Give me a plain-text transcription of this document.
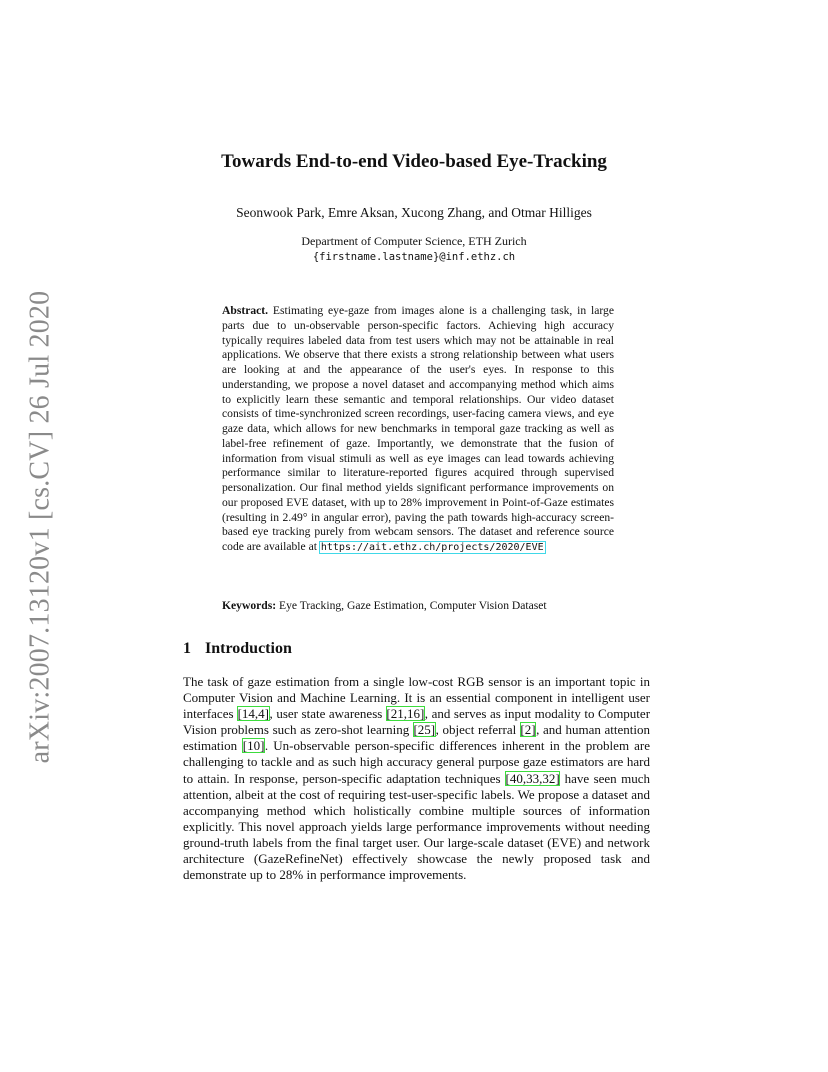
arXiv:2007.13120v1 [cs.CV] 26 Jul 2020
Towards End-to-end Video-based Eye-Tracking
Seonwook Park, Emre Aksan, Xucong Zhang, and Otmar Hilliges
Department of Computer Science, ETH Zurich
{firstname.lastname}@inf.ethz.ch
Abstract. Estimating eye-gaze from images alone is a challenging task, in large parts due to un-observable person-specific factors. Achieving high accuracy typically requires labeled data from test users which may not be attainable in real applications. We observe that there exists a strong relationship between what users are looking at and the appearance of the user's eyes. In response to this understanding, we propose a novel dataset and accompanying method which aims to explicitly learn these semantic and temporal relationships. Our video dataset consists of time-synchronized screen recordings, user-facing camera views, and eye gaze data, which allows for new benchmarks in temporal gaze tracking as well as label-free refinement of gaze. Importantly, we demonstrate that the fusion of information from visual stimuli as well as eye images can lead towards achieving performance similar to literature-reported figures acquired through supervised personalization. Our final method yields significant performance improvements on our proposed EVE dataset, with up to 28% improvement in Point-of-Gaze estimates (resulting in 2.49° in angular error), paving the path towards high-accuracy screen-based eye tracking purely from webcam sensors. The dataset and reference source code are available at https://ait.ethz.ch/projects/2020/EVE
Keywords: Eye Tracking, Gaze Estimation, Computer Vision Dataset
1 Introduction
The task of gaze estimation from a single low-cost RGB sensor is an important topic in Computer Vision and Machine Learning. It is an essential component in intelligent user interfaces [14,4], user state awareness [21,16], and serves as input modality to Computer Vision problems such as zero-shot learning [25], object referral [2], and human attention estimation [10]. Un-observable person-specific differences inherent in the problem are challenging to tackle and as such high accuracy general purpose gaze estimators are hard to attain. In response, person-specific adaptation techniques [40,33,32] have seen much attention, albeit at the cost of requiring test-user-specific labels. We propose a dataset and accompanying method which holistically combine multiple sources of information explicitly. This novel approach yields large performance improvements without needing ground-truth labels from the final target user. Our large-scale dataset (EVE) and network architecture (GazeRefineNet) effectively showcase the newly proposed task and demonstrate up to 28% in performance improvements.
